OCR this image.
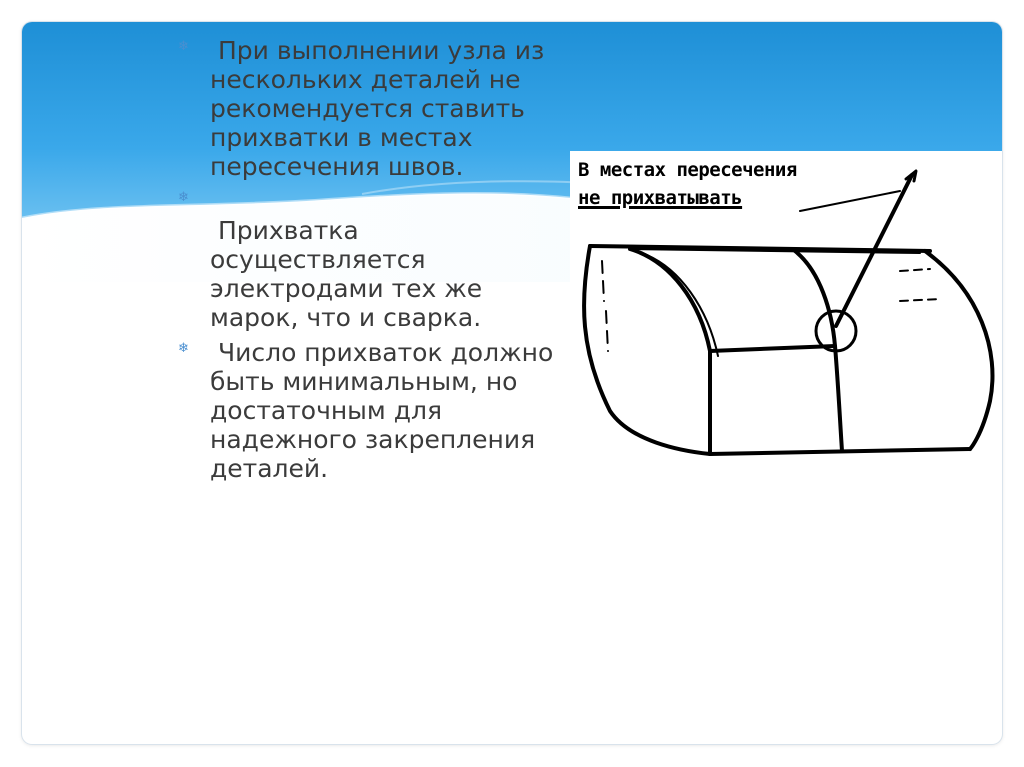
❄ При выполнении узла из нескольких деталей не рекомендуется ставить прихватки в местах пересечения швов.
❄

Прихватка осуществляется электродами тех же марок, что и сварка.
❄ Число прихваток должно быть минимальным, но достаточным для надежного закрепления деталей.
В местах пересечения
не прихватывать
